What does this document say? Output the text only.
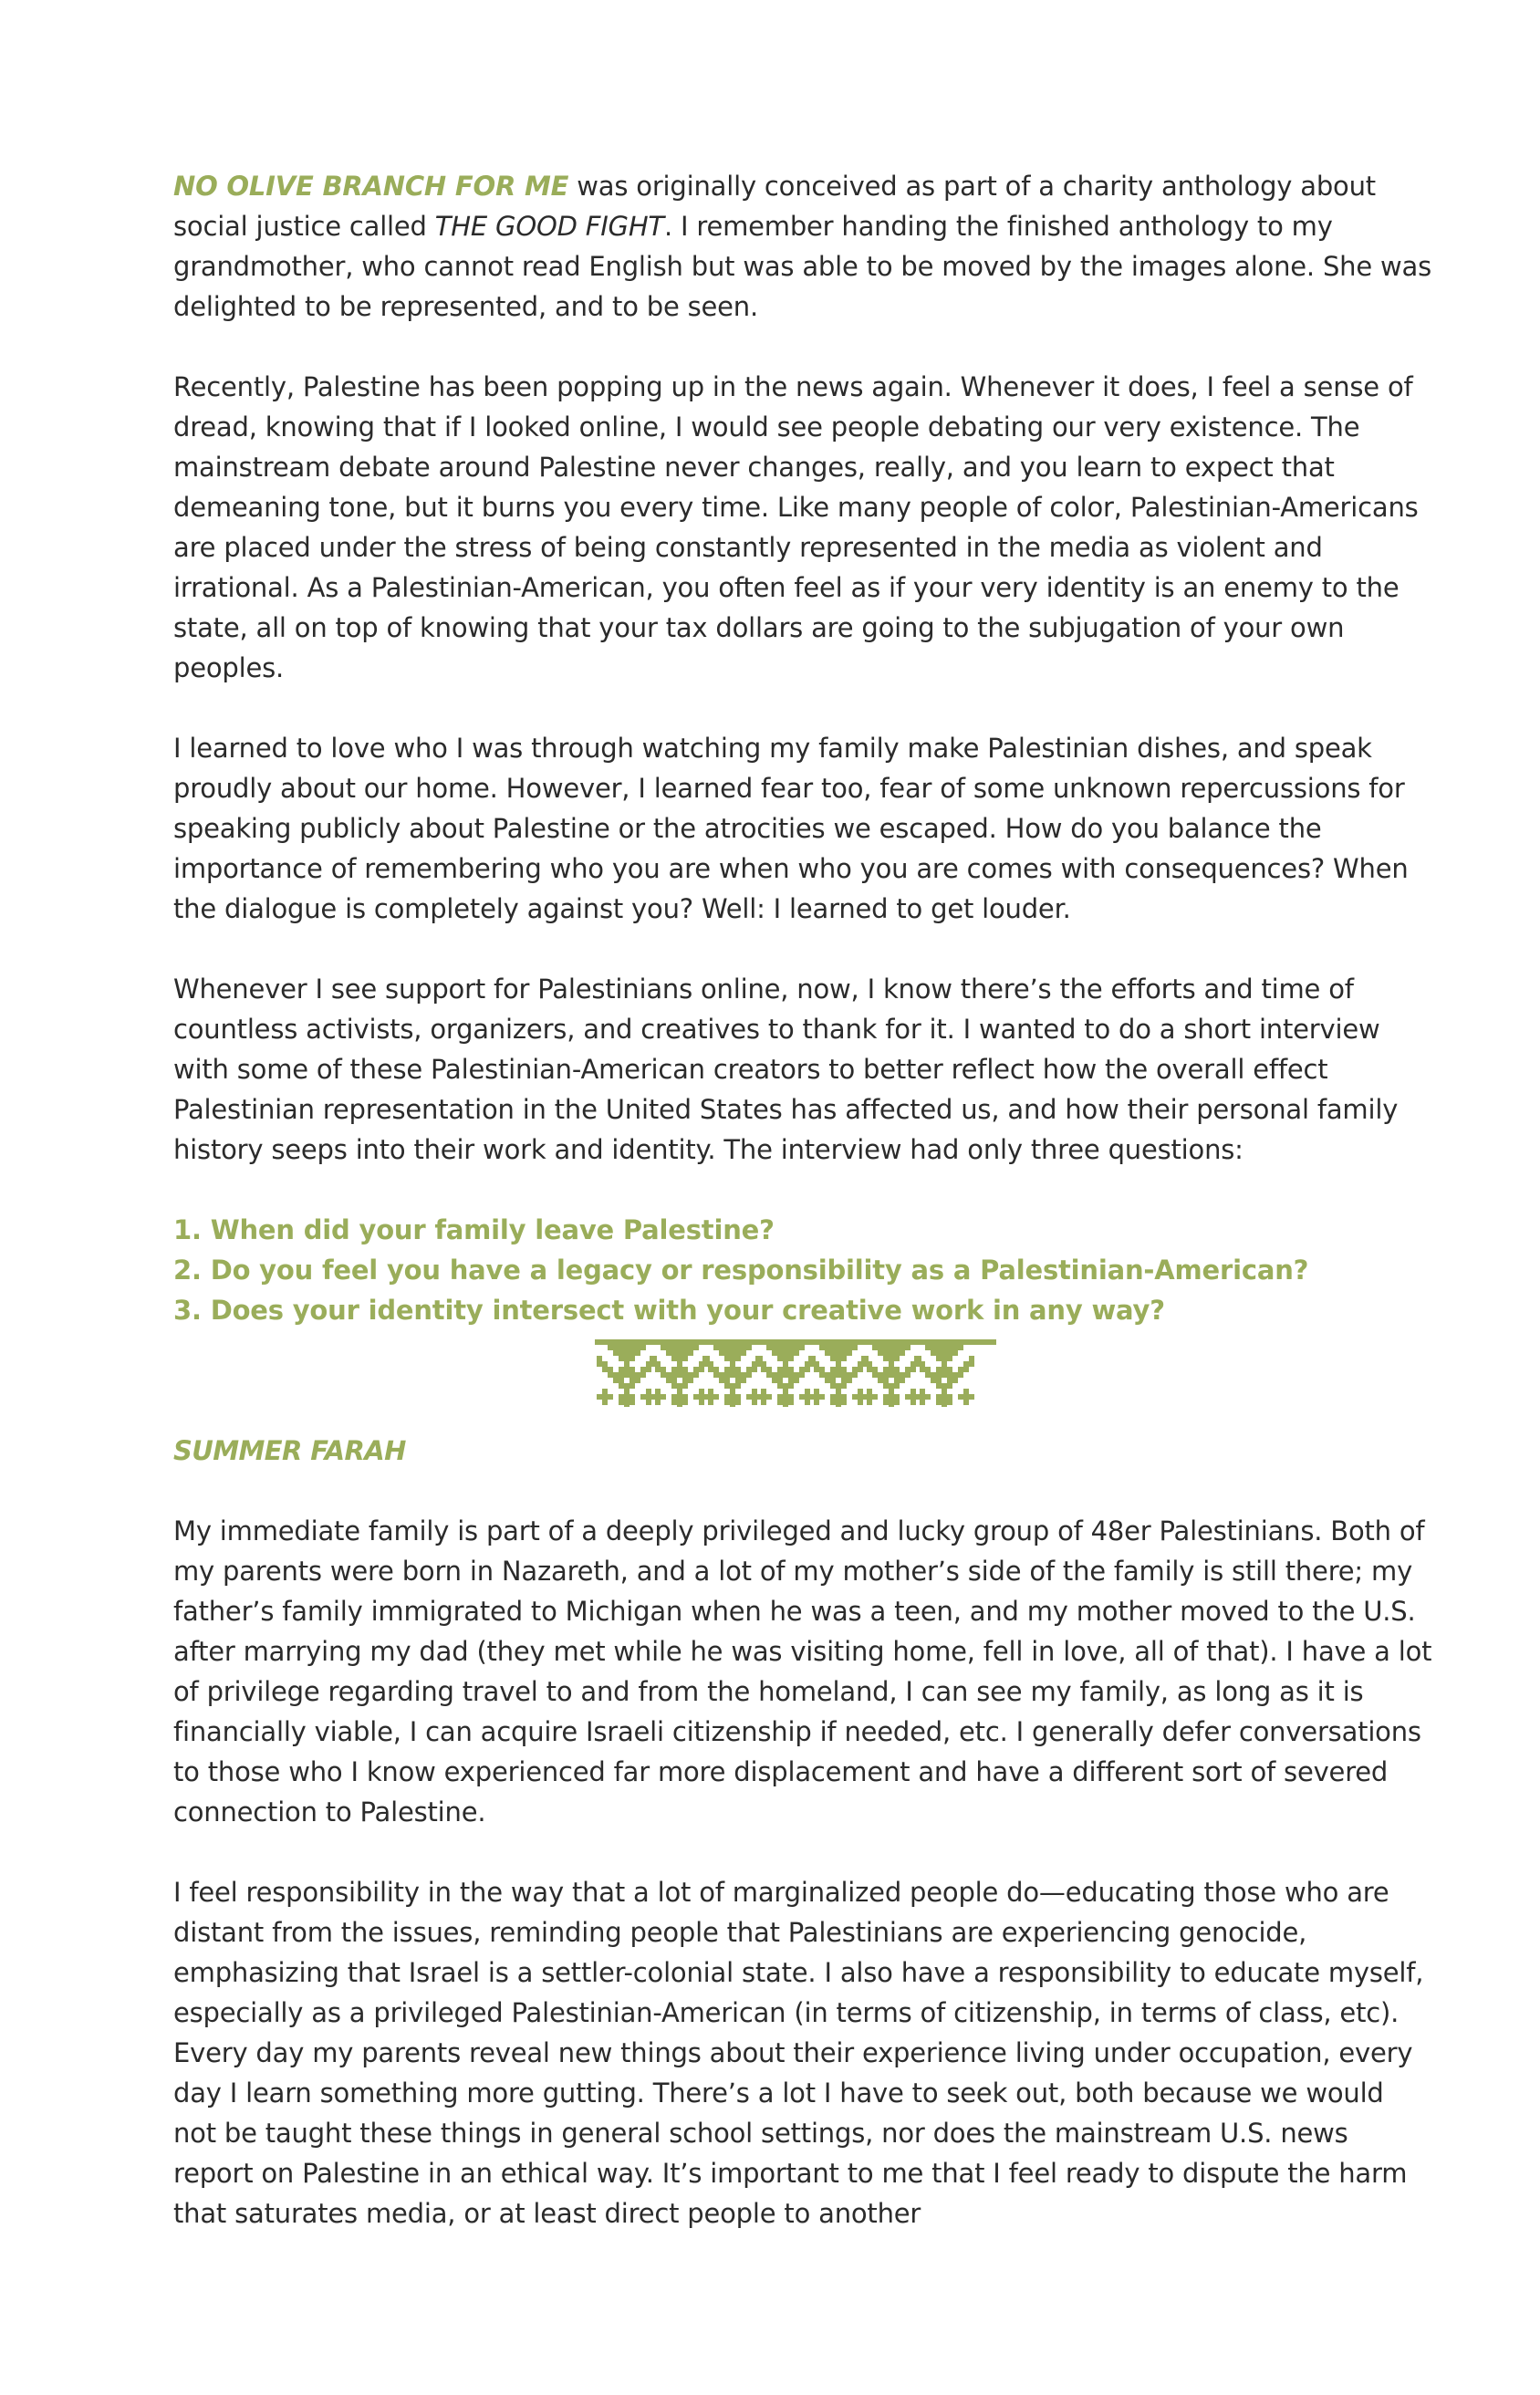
NO OLIVE BRANCH FOR ME was originally conceived as part of a charity anthology about social justice called THE GOOD FIGHT. I remember handing the finished anthology to my grandmother, who cannot read English but was able to be moved by the images alone. She was delighted to be represented, and to be seen.

Recently, Palestine has been popping up in the news again. Whenever it does, I feel a sense of dread, knowing that if I looked online, I would see people debating our very existence. The mainstream debate around Palestine never changes, really, and you learn to expect that demeaning tone, but it burns you every time. Like many people of color, Palestinian-Americans are placed under the stress of being constantly represented in the media as violent and irrational. As a Palestinian-American, you often feel as if your very identity is an enemy to the state, all on top of knowing that your tax dollars are going to the subjugation of your own peoples.

I learned to love who I was through watching my family make Palestinian dishes, and speak proudly about our home. However, I learned fear too, fear of some unknown repercussions for speaking publicly about Palestine or the atrocities we escaped. How do you balance the importance of remembering who you are when who you are comes with consequences? When the dialogue is completely against you? Well: I learned to get louder.

Whenever I see support for Palestinians online, now, I know there’s the efforts and time of countless activists, organizers, and creatives to thank for it. I wanted to do a short interview with some of these Palestinian-American creators to better reflect how the overall effect Palestinian representation in the United States has affected us, and how their personal family history seeps into their work and identity. The interview had only three questions:

1. When did your family leave Palestine?
2. Do you feel you have a legacy or responsibility as a Palestinian-American?
3. Does your identity intersect with your creative work in any way?
SUMMER FARAH

My immediate family is part of a deeply privileged and lucky group of 48er Palestinians. Both of my parents were born in Nazareth, and a lot of my mother’s side of the family is still there; my father’s family immigrated to Michigan when he was a teen, and my mother moved to the U.S. after marrying my dad (they met while he was visiting home, fell in love, all of that). I have a lot of privilege regarding travel to and from the homeland, I can see my family, as long as it is financially viable, I can acquire Israeli citizenship if needed, etc. I generally defer conversations to those who I know experienced far more displacement and have a different sort of severed connection to Palestine.

I feel responsibility in the way that a lot of marginalized people do—educating those who are distant from the issues, reminding people that Palestinians are experiencing genocide, emphasizing that Israel is a settler-colonial state. I also have a responsibility to educate myself, especially as a privileged Palestinian-American (in terms of citizenship, in terms of class, etc). Every day my parents reveal new things about their experience living under occupation, every day I learn something more gutting. There’s a lot I have to seek out, both because we would not be taught these things in general school settings, nor does the mainstream U.S. news report on Palestine in an ethical way. It’s important to me that I feel ready to dispute the harm that saturates media, or at least direct people to another
